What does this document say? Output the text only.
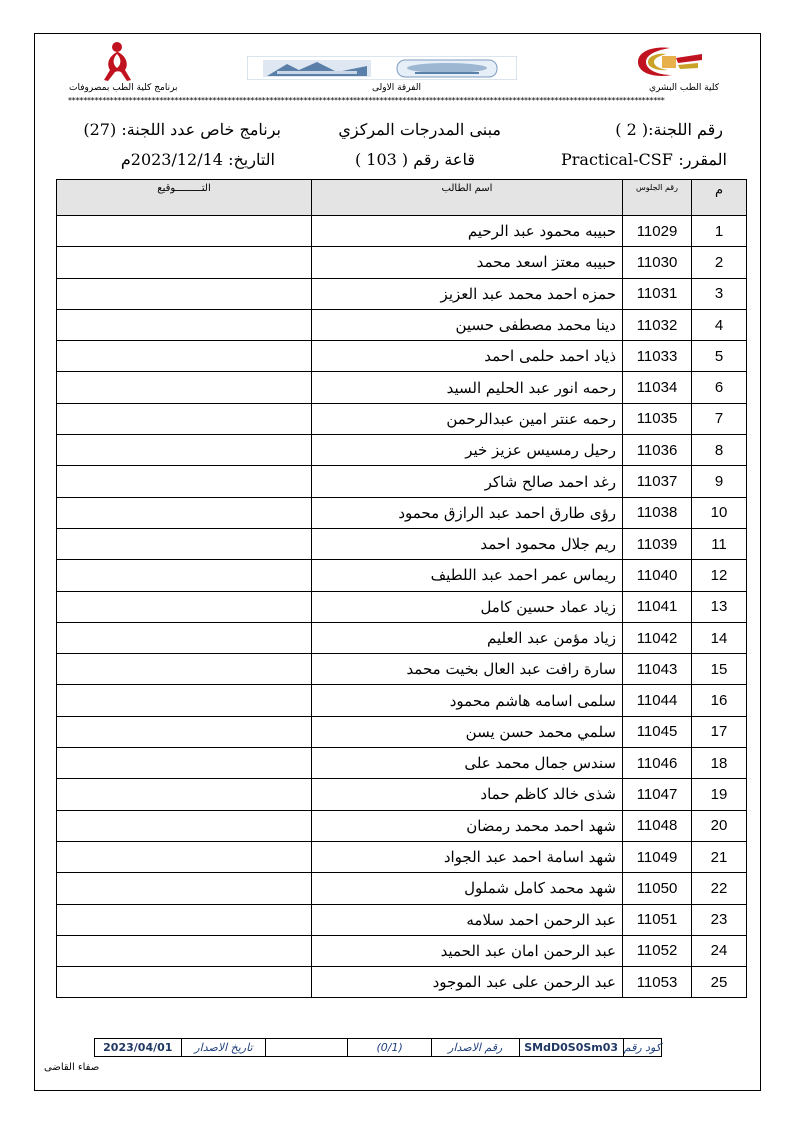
كلية الطب البشري
الفرقة الاولى
برنامج كلية الطب بمصروفات
*************************************************************************************************************************************************************
رقم اللجنة:( 2 )
مبنى المدرجات المركزي
برنامج خاص عدد اللجنة: (27)
المقرر:
Practical-CSF
قاعة رقم ( 103 )
التاريخ: 2023/12/14م
التـــــــــوقيع	اسم الطالب	رقم الجلوس	م
	حبيبه محمود عبد الرحيم	11029	1
	حبيبه معتز اسعد محمد	11030	2
	حمزه احمد محمد عبد العزيز	11031	3
	دينا محمد مصطفى حسين	11032	4
	ذياد احمد حلمى احمد	11033	5
	رحمه انور عبد الحليم السيد	11034	6
	رحمه عنتر امين عبدالرحمن	11035	7
	رحيل رمسيس عزيز خير	11036	8
	رغد احمد صالح شاكر	11037	9
	رؤى طارق احمد عبد الرازق محمود	11038	10
	ريم جلال محمود احمد	11039	11
	ريماس عمر احمد عبد اللطيف	11040	12
	زياد عماد حسين كامل	11041	13
	زياد مؤمن عبد العليم	11042	14
	سارة رافت عبد العال بخيت محمد	11043	15
	سلمى اسامه هاشم محمود	11044	16
	سلمي محمد حسن يسن	11045	17
	سندس جمال محمد على	11046	18
	شذى خالد كاظم حماد	11047	19
	شهد احمد محمد رمضان	11048	20
	شهد اسامة احمد عبد الجواد	11049	21
	شهد محمد كامل شملول	11050	22
	عبد الرحمن احمد سلامه	11051	23
	عبد الرحمن امان عبد الحميد	11052	24
	عبد الرحمن على عبد الموجود	11053	25
2023/04/01	تاريخ الاصدار	(0/1)	رقم الاصدار	SMdD0S0Sm03 كود رقم
صفاء القاضى
